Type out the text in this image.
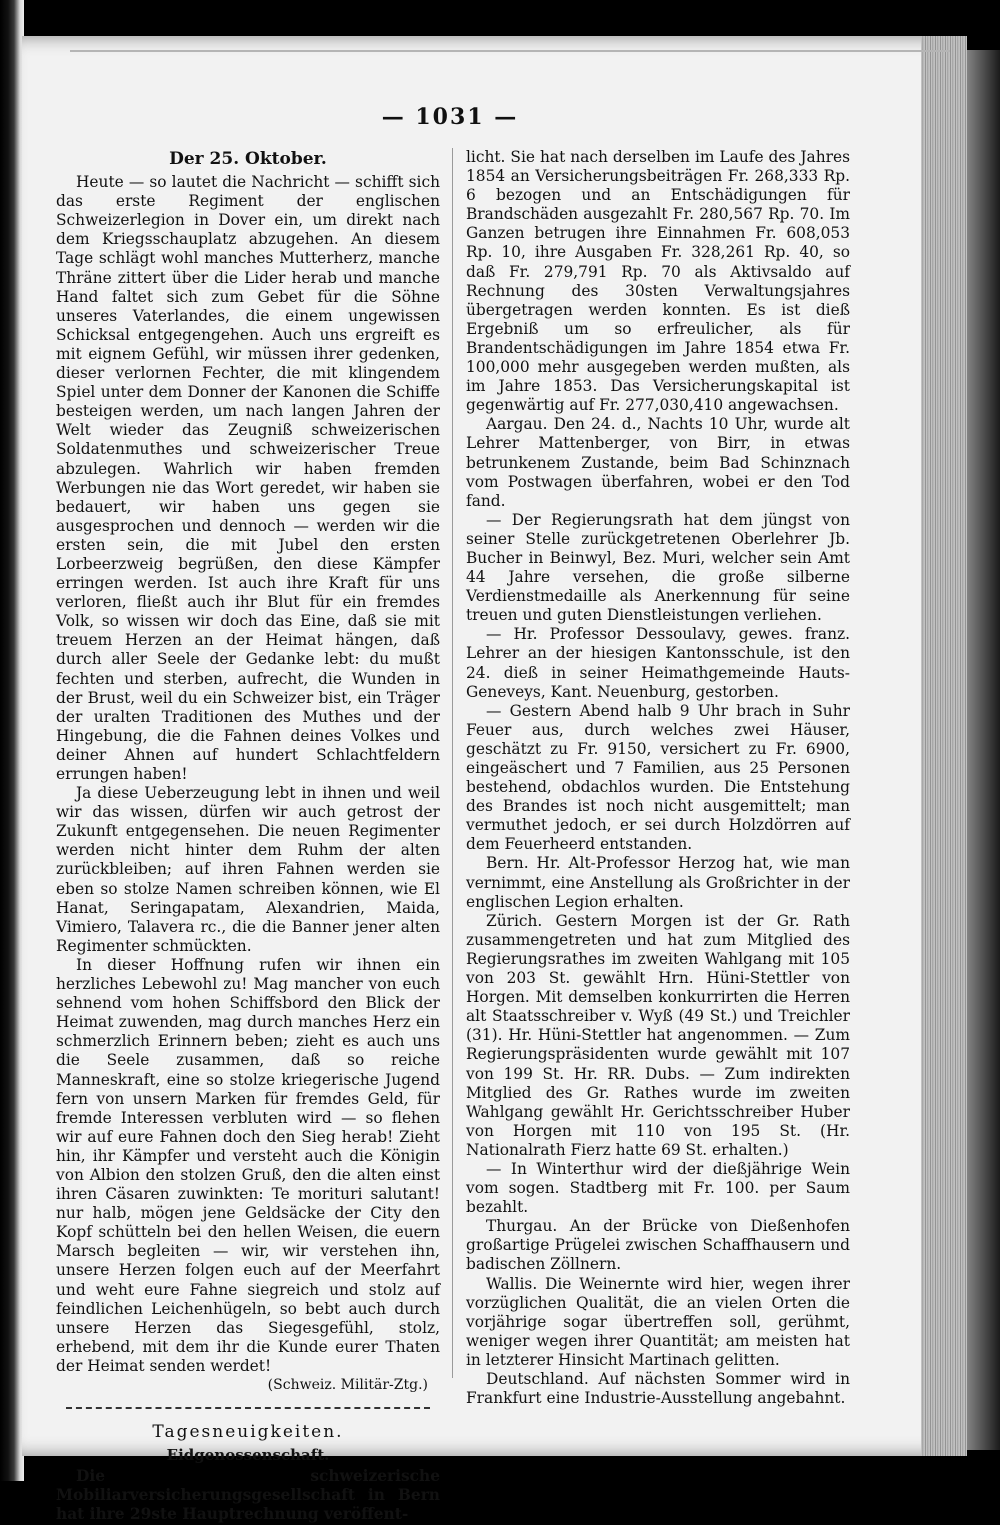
— 1031 —

Der 25. Oktober.

Heute — so lautet die Nachricht — schifft sich das erste Regiment der englischen Schweizerlegion in Dover ein, um direkt nach dem Kriegsschauplatz abzugehen. An diesem Tage schlägt wohl manches Mutterherz, manche Thräne zittert über die Lider herab und manche Hand faltet sich zum Gebet für die Söhne unseres Vaterlandes, die einem ungewissen Schicksal entgegengehen. Auch uns ergreift es mit eignem Gefühl, wir müssen ihrer gedenken, dieser verlornen Fechter, die mit klingendem Spiel unter dem Donner der Kanonen die Schiffe besteigen werden, um nach langen Jahren der Welt wieder das Zeugniß schweizerischen Soldatenmuthes und schweizerischer Treue abzulegen. Wahrlich wir haben fremden Werbungen nie das Wort geredet, wir haben sie bedauert, wir haben uns gegen sie ausgesprochen und dennoch — werden wir die ersten sein, die mit Jubel den ersten Lorbeerzweig begrüßen, den diese Kämpfer erringen werden. Ist auch ihre Kraft für uns verloren, fließt auch ihr Blut für ein fremdes Volk, so wissen wir doch das Eine, daß sie mit treuem Herzen an der Heimat hängen, daß durch aller Seele der Gedanke lebt: du mußt fechten und sterben, aufrecht, die Wunden in der Brust, weil du ein Schweizer bist, ein Träger der uralten Traditionen des Muthes und der Hingebung, die die Fahnen deines Volkes und deiner Ahnen auf hundert Schlachtfeldern errungen haben!

Ja diese Ueberzeugung lebt in ihnen und weil wir das wissen, dürfen wir auch getrost der Zukunft entgegensehen. Die neuen Regimenter werden nicht hinter dem Ruhm der alten zurückbleiben; auf ihren Fahnen werden sie eben so stolze Namen schreiben können, wie El Hanat, Seringapatam, Alexandrien, Maida, Vimiero, Talavera rc., die die Banner jener alten Regimenter schmückten.

In dieser Hoffnung rufen wir ihnen ein herzliches Lebewohl zu! Mag mancher von euch sehnend vom hohen Schiffsbord den Blick der Heimat zuwenden, mag durch manches Herz ein schmerzlich Erinnern beben; zieht es auch uns die Seele zusammen, daß so reiche Manneskraft, eine so stolze kriegerische Jugend fern von unsern Marken für fremdes Geld, für fremde Interessen verbluten wird — so flehen wir auf eure Fahnen doch den Sieg herab! Zieht hin, ihr Kämpfer und versteht auch die Königin von Albion den stolzen Gruß, den die alten einst ihren Cäsaren zuwinkten: Te morituri salutant! nur halb, mögen jene Geldsäcke der City den Kopf schütteln bei den hellen Weisen, die euern Marsch begleiten — wir, wir verstehen ihn, unsere Herzen folgen euch auf der Meerfahrt und weht eure Fahne siegreich und stolz auf feindlichen Leichenhügeln, so bebt auch durch unsere Herzen das Siegesgefühl, stolz, erhebend, mit dem ihr die Kunde eurer Thaten der Heimat senden werdet!

(Schweiz. Militär-Ztg.)

Tagesneuigkeiten.

Eidgenossenschaft.

Die schweizerische Mobiliarversicherungsgesellschaft in Bern hat ihre 29ste Hauptrechnung veröffent-

licht. Sie hat nach derselben im Laufe des Jahres 1854 an Versicherungsbeiträgen Fr. 268,333 Rp. 6 bezogen und an Entschädigungen für Brandschäden ausgezahlt Fr. 280,567 Rp. 70. Im Ganzen betrugen ihre Einnahmen Fr. 608,053 Rp. 10, ihre Ausgaben Fr. 328,261 Rp. 40, so daß Fr. 279,791 Rp. 70 als Aktivsaldo auf Rechnung des 30sten Verwaltungsjahres übergetragen werden konnten. Es ist dieß Ergebniß um so erfreulicher, als für Brandentschädigungen im Jahre 1854 etwa Fr. 100,000 mehr ausgegeben werden mußten, als im Jahre 1853. Das Versicherungskapital ist gegenwärtig auf Fr. 277,030,410 angewachsen.

Aargau. Den 24. d., Nachts 10 Uhr, wurde alt Lehrer Mattenberger, von Birr, in etwas betrunkenem Zustande, beim Bad Schinznach vom Postwagen überfahren, wobei er den Tod fand.

— Der Regierungsrath hat dem jüngst von seiner Stelle zurückgetretenen Oberlehrer Jb. Bucher in Beinwyl, Bez. Muri, welcher sein Amt 44 Jahre versehen, die große silberne Verdienstmedaille als Anerkennung für seine treuen und guten Dienstleistungen verliehen.

— Hr. Professor Dessoulavy, gewes. franz. Lehrer an der hiesigen Kantonsschule, ist den 24. dieß in seiner Heimathgemeinde Hauts-Geneveys, Kant. Neuenburg, gestorben.

— Gestern Abend halb 9 Uhr brach in Suhr Feuer aus, durch welches zwei Häuser, geschätzt zu Fr. 9150, versichert zu Fr. 6900, eingeäschert und 7 Familien, aus 25 Personen bestehend, obdachlos wurden. Die Entstehung des Brandes ist noch nicht ausgemittelt; man vermuthet jedoch, er sei durch Holzdörren auf dem Feuerheerd entstanden.

Bern. Hr. Alt-Professor Herzog hat, wie man vernimmt, eine Anstellung als Großrichter in der englischen Legion erhalten.

Zürich. Gestern Morgen ist der Gr. Rath zusammengetreten und hat zum Mitglied des Regierungsrathes im zweiten Wahlgang mit 105 von 203 St. gewählt Hrn. Hüni-Stettler von Horgen. Mit demselben konkurrirten die Herren alt Staatsschreiber v. Wyß (49 St.) und Treichler (31). Hr. Hüni-Stettler hat angenommen. — Zum Regierungspräsidenten wurde gewählt mit 107 von 199 St. Hr. RR. Dubs. — Zum indirekten Mitglied des Gr. Rathes wurde im zweiten Wahlgang gewählt Hr. Gerichtsschreiber Huber von Horgen mit 110 von 195 St. (Hr. Nationalrath Fierz hatte 69 St. erhalten.)

— In Winterthur wird der dießjährige Wein vom sogen. Stadtberg mit Fr. 100. per Saum bezahlt.

Thurgau. An der Brücke von Dießenhofen großartige Prügelei zwischen Schaffhausern und badischen Zöllnern.

Wallis. Die Weinernte wird hier, wegen ihrer vorzüglichen Qualität, die an vielen Orten die vorjährige sogar übertreffen soll, gerühmt, weniger wegen ihrer Quantität; am meisten hat in letzterer Hinsicht Martinach gelitten.

Deutschland. Auf nächsten Sommer wird in Frankfurt eine Industrie-Ausstellung angebahnt.
